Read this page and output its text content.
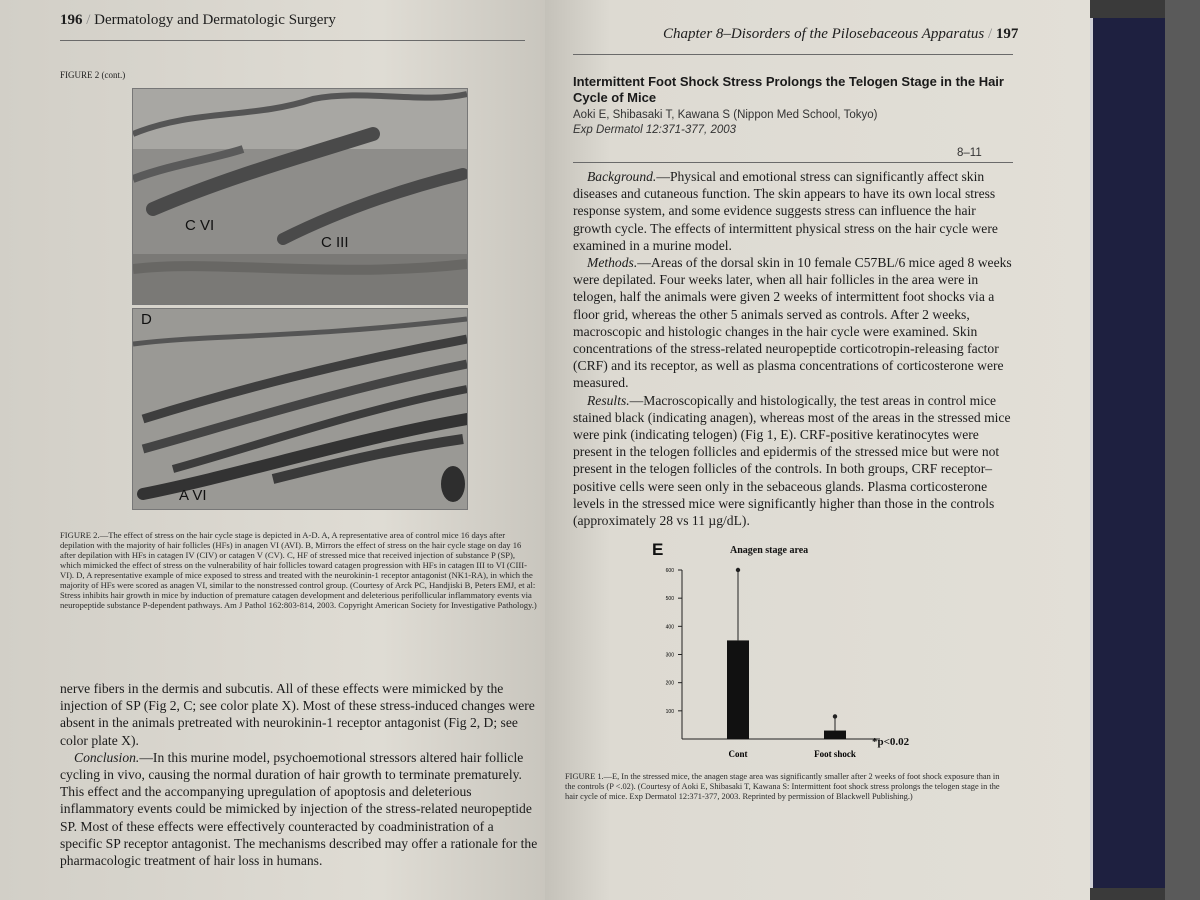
196 / Dermatology and Dermatologic Surgery
FIGURE 2 (cont.)
C VI
C III
D
A VI
FIGURE 2.—The effect of stress on the hair cycle stage is depicted in A-D. A, A representative area of control mice 16 days after depilation with the majority of hair follicles (HFs) in anagen VI (AVI). B, Mirrors the effect of stress on the hair cycle stage on day 16 after depilation with HFs in catagen IV (CIV) or catagen V (CV). C, HF of stressed mice that received injection of substance P (SP), which mimicked the effect of stress on the vulnerability of hair follicles toward catagen progression with HFs in catagen III to VI (CIII-VI). D, A representative example of mice exposed to stress and treated with the neurokinin-1 receptor antagonist (NK1-RA), in which the majority of HFs were scored as anagen VI, similar to the nonstressed control group. (Courtesy of Arck PC, Handjiski B, Peters EMJ, et al: Stress inhibits hair growth in mice by induction of premature catagen development and deleterious perifollicular inflammatory events via neuropeptide substance P-dependent pathways. Am J Pathol 162:803-814, 2003. Copyright American Society for Investigative Pathology.)

nerve fibers in the dermis and subcutis. All of these effects were mimicked by the injection of SP (Fig 2, C; see color plate X). Most of these stress-induced changes were absent in the animals pretreated with neurokinin-1 receptor antagonist (Fig 2, D; see color plate X).

Conclusion.—In this murine model, psychoemotional stressors altered hair follicle cycling in vivo, causing the normal duration of hair growth to terminate prematurely. This effect and the accompanying upregulation of apoptosis and deleterious inflammatory events could be mimicked by injection of the stress-related neuropeptide SP. Most of these effects were effectively counteracted by coadministration of a specific SP receptor antagonist. The mechanisms described may offer a rationale for the pharmacologic treatment of hair loss in humans.

Chapter 8–Disorders of the Pilosebaceous Apparatus / 197
Intermittent Foot Shock Stress Prolongs the Telogen Stage in the Hair Cycle of Mice
Aoki E, Shibasaki T, Kawana S (Nippon Med School, Tokyo)
Exp Dermatol 12:371-377, 2003
8–11

Background.—Physical and emotional stress can significantly affect skin diseases and cutaneous function. The skin appears to have its own local stress response system, and some evidence suggests stress can influence the hair growth cycle. The effects of intermittent physical stress on the hair cycle were examined in a murine model.

Methods.—Areas of the dorsal skin in 10 female C57BL/6 mice aged 8 weeks were depilated. Four weeks later, when all hair follicles in the area were in telogen, half the animals were given 2 weeks of intermittent foot shocks via a floor grid, whereas the other 5 animals served as controls. After 2 weeks, macroscopic and histologic changes in the hair cycle were examined. Skin concentrations of the stress-related neuropeptide corticotropin-releasing factor (CRF) and its receptor, as well as plasma concentrations of corticosterone were measured.

Results.—Macroscopically and histologically, the test areas in control mice stained black (indicating anagen), whereas most of the areas in the stressed mice were pink (indicating telogen) (Fig 1, E). CRF-positive keratinocytes were present in the telogen follicles and epidermis of the stressed mice but were not present in the telogen follicles of the controls. In both groups, CRF receptor–positive cells were seen only in the sebaceous glands. Plasma corticosterone levels in the stressed mice were significantly higher than those in the controls (approximately 28 vs 11 µg/dL).

E	Anagen stage area
100
200
300
400
500
600
Cont	Foot shock
*p<0.02
FIGURE 1.—E, In the stressed mice, the anagen stage area was significantly smaller after 2 weeks of foot shock exposure than in the controls (P <.02). (Courtesy of Aoki E, Shibasaki T, Kawana S: Intermittent foot shock stress prolongs the telogen stage in the hair cycle of mice. Exp Dermatol 12:371-377, 2003. Reprinted by permission of Blackwell Publishing.)
